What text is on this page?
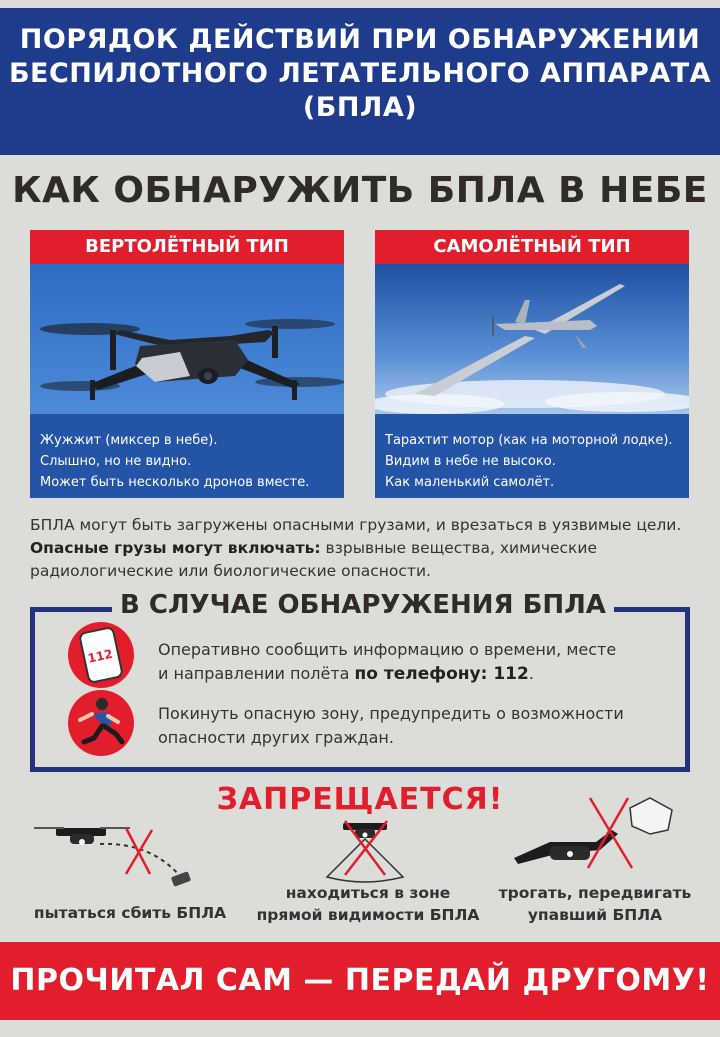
ПОРЯДОК ДЕЙСТВИЙ ПРИ ОБНАРУЖЕНИИ
БЕСПИЛОТНОГО ЛЕТАТЕЛЬНОГО АППАРАТА
(БПЛА)
КАК ОБНАРУЖИТЬ БПЛА В НЕБЕ
ВЕРТОЛЁТНЫЙ ТИП
Жужжит (миксер в небе).
Слышно, но не видно.
Может быть несколько дронов вместе.
САМОЛЁТНЫЙ ТИП
Тарахтит мотор (как на моторной лодке).
Видим в небе не высоко.
Как маленький самолёт.
БПЛА могут быть загружены опасными грузами, и врезаться в уязвимые цели.
Опасные грузы могут включать: взрывные вещества, химические
радиологические или биологические опасности.
В СЛУЧАЕ ОБНАРУЖЕНИЯ БПЛА
112	Оперативно сообщить информацию о времени, месте
и направлении полёта по телефону: 112.
Покинуть опасную зону, предупредить о возможности
опасности других граждан.
ЗАПРЕЩАЕТСЯ!
пытаться сбить БПЛА
находиться в зоне
прямой видимости БПЛА
трогать, передвигать
упавший БПЛА
ПРОЧИТАЛ САМ — ПЕРЕДАЙ ДРУГОМУ!
